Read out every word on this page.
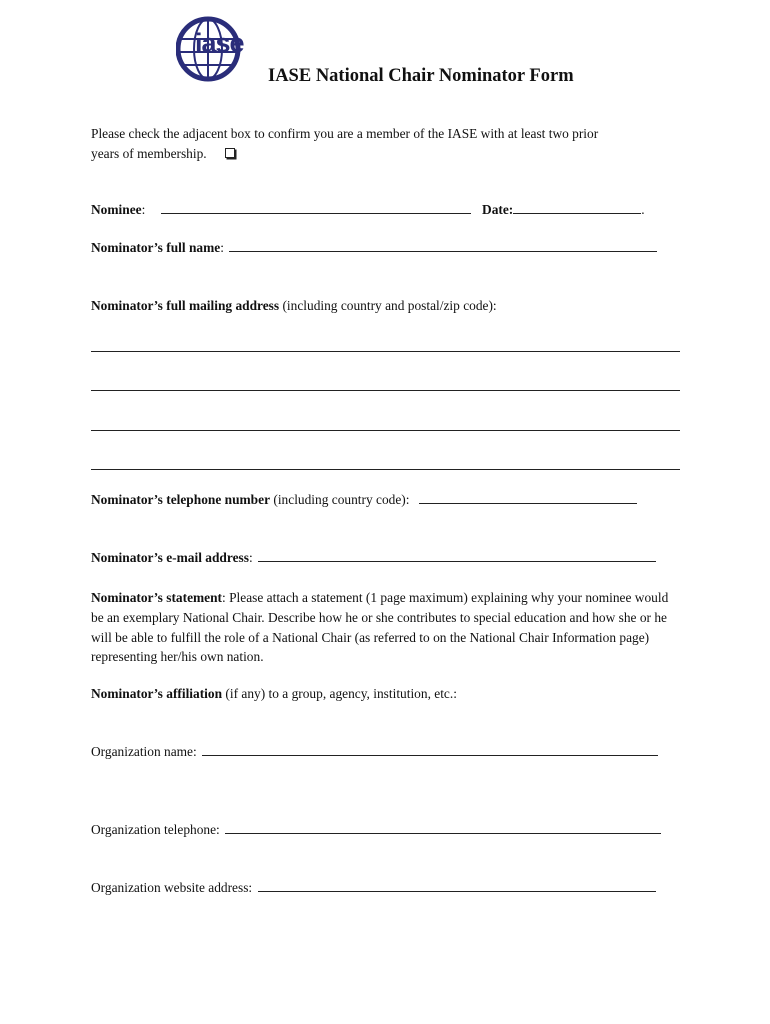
iase
IASE National Chair Nominator Form
Please check the adjacent box to confirm you are a member of the IASE with at least two prior
years of membership.
Nominee:	Date:	.
Nominator’s full name:
Nominator’s full mailing address (including country and postal/zip code):
Nominator’s telephone number (including country code):
Nominator’s e-mail address:
Nominator’s statement: Please attach a statement (1 page maximum) explaining why your nominee would be an exemplary National Chair. Describe how he or she contributes to special education and how she or he will be able to fulfill the role of a National Chair (as referred to on the National Chair Information page) representing her/his own nation.
Nominator’s affiliation (if any) to a group, agency, institution, etc.:
Organization name:
Organization telephone:
Organization website address:
